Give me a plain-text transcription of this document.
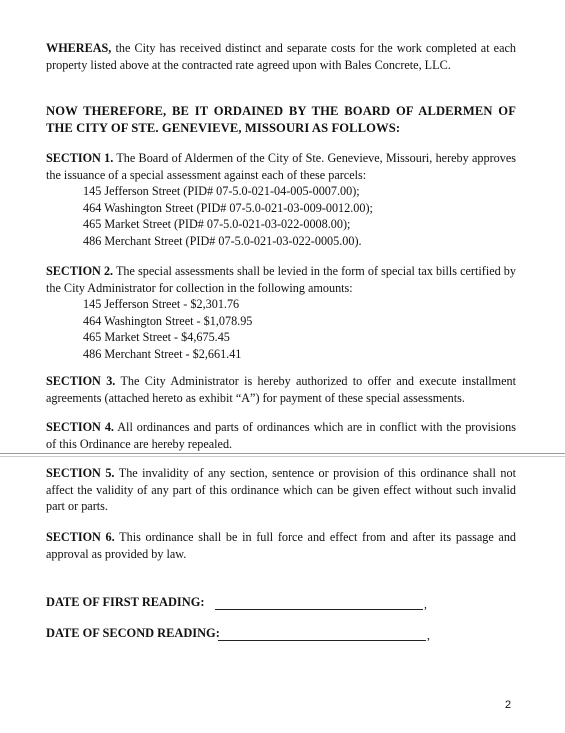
WHEREAS, the City has received distinct and separate costs for the work completed at each property listed above at the contracted rate agreed upon with Bales Concrete, LLC.
NOW THEREFORE, BE IT ORDAINED BY THE BOARD OF ALDERMEN OF THE CITY OF STE. GENEVIEVE, MISSOURI AS FOLLOWS:
SECTION 1. The Board of Aldermen of the City of Ste. Genevieve, Missouri, hereby approves the issuance of a special assessment against each of these parcels:
145 Jefferson Street (PID# 07-5.0-021-04-005-0007.00);
464 Washington Street (PID# 07-5.0-021-03-009-0012.00);
465 Market Street (PID# 07-5.0-021-03-022-0008.00);
486 Merchant Street (PID# 07-5.0-021-03-022-0005.00).
SECTION 2. The special assessments shall be levied in the form of special tax bills certified by the City Administrator for collection in the following amounts:
145 Jefferson Street - $2,301.76
464 Washington Street - $1,078.95
465 Market Street - $4,675.45
486 Merchant Street - $2,661.41
SECTION 3. The City Administrator is hereby authorized to offer and execute installment agreements (attached hereto as exhibit “A”) for payment of these special assessments.
SECTION 4. All ordinances and parts of ordinances which are in conflict with the provisions of this Ordinance are hereby repealed.
SECTION 5. The invalidity of any section, sentence or provision of this ordinance shall not affect the validity of any part of this ordinance which can be given effect without such invalid part or parts.
SECTION 6. This ordinance shall be in full force and effect from and after its passage and approval as provided by law.
DATE OF FIRST READING:	,
DATE OF SECOND READING:	,
2
